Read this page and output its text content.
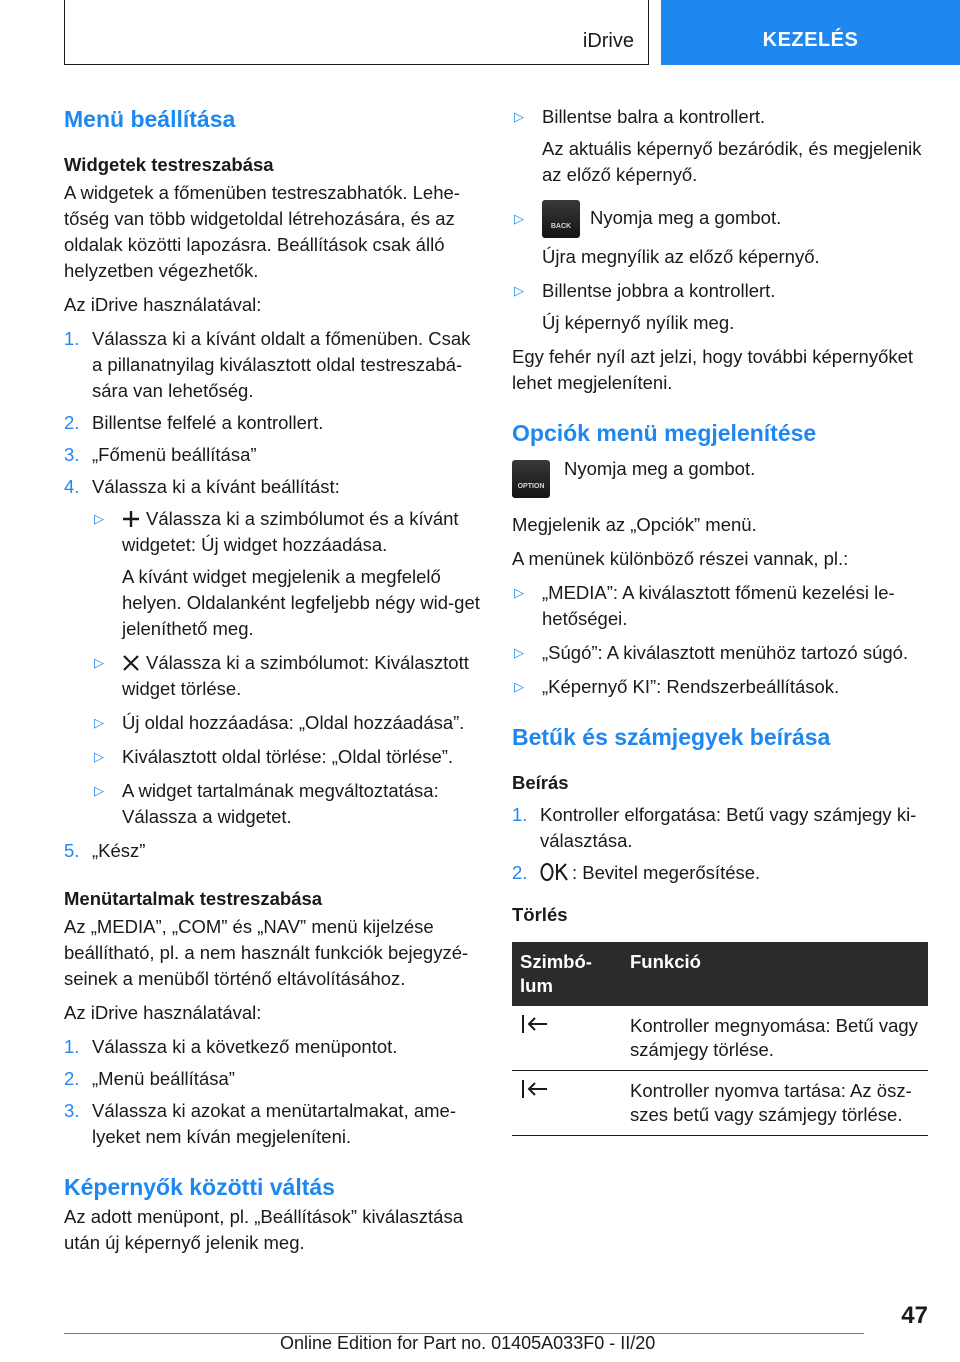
iDrive	KEZELÉS
Menü beállítása
Widgetek testreszabása
A widgetek a főmenüben testreszabhatók. Lehe-tőség van több widgetoldal létrehozására, és az oldalak közötti lapozásra. Beállítások csak álló helyzetben végezhetők.
Az iDrive használatával:
1. Válassza ki a kívánt oldalt a főmenüben. Csak a pillanatnyilag kiválasztott oldal testreszabá-sára van lehetőség.
2. Billentse felfelé a kontrollert.
3. „Főmenü beállítása”
4. Válassza ki a kívánt beállítást:
▷ Válassza ki a szimbólumot és a kívánt widgetet: Új widget hozzáadása.
A kívánt widget megjelenik a megfelelő helyen. Oldalanként legfeljebb négy wid-get jeleníthető meg.
▷ Válassza ki a szimbólumot: Kiválasztott widget törlése.
▷ Új oldal hozzáadása: „Oldal hozzáadása”.
▷ Kiválasztott oldal törlése: „Oldal törlése”.
▷ A widget tartalmának megváltoztatása: Válassza a widgetet.
5. „Kész”
Menütartalmak testreszabása
Az „MEDIA”, „COM” és „NAV” menü kijelzése beállítható, pl. a nem használt funkciók bejegyzé-seinek a menüből történő eltávolításához.
Az iDrive használatával:
1. Válassza ki a következő menüpontot.
2. „Menü beállítása”
3. Válassza ki azokat a menütartalmakat, ame-lyeket nem kíván megjeleníteni.
Képernyők közötti váltás
Az adott menüpont, pl. „Beállítások” kiválasztása után új képernyő jelenik meg.
▷ Billentse balra a kontrollert.
Az aktuális képernyő bezáródik, és megjelenik az előző képernyő.
▷
BACK	Nyomja meg a gombot.
Újra megnyílik az előző képernyő.
▷ Billentse jobbra a kontrollert.
Új képernyő nyílik meg.
Egy fehér nyíl azt jelzi, hogy további képernyőket lehet megjeleníteni.
Opciók menü megjelenítése
OPTION
Nyomja meg a gombot.
Megjelenik az „Opciók” menü.
A menünek különböző részei vannak, pl.:
▷ „MEDIA”: A kiválasztott főmenü kezelési le-hetőségei.
▷ „Súgó”: A kiválasztott menühöz tartozó súgó.
▷ „Képernyő KI”: Rendszerbeállítások.
Betűk és számjegyek beírása
Beírás
1. Kontroller elforgatása: Betű vagy számjegy ki-választása.
2. : Bevitel megerősítése.
Törlés
Szimbó-lum	Funkció
	Kontroller megnyomása: Betű vagy számjegy törlése.
	Kontroller nyomva tartása: Az ösz-szes betű vagy számjegy törlése.
47
Online Edition for Part no. 01405A033F0 - II/20
